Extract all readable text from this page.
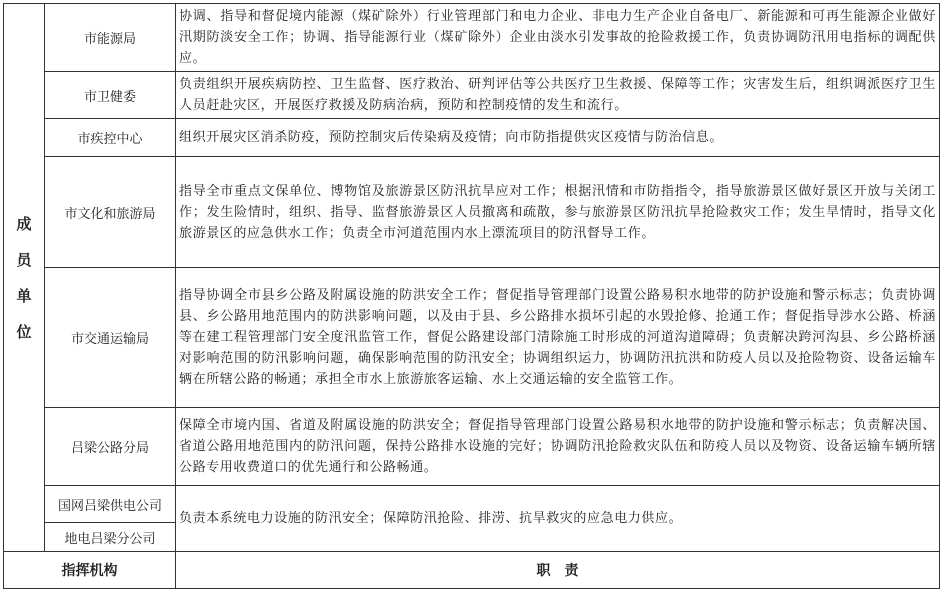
成员单位	市能源局	协调、指导和督促境内能源（煤矿除外）行业管理部门和电力企业、非电力生产企业自备电厂、新能源和可再生能源企业做好汛期防淡安全工作；协调、指导能源行业（煤矿除外）企业由淡水引发事故的抢险救援工作，负责协调防汛用电指标的调配供应。
	市卫健委	负责组织开展疾病防控、卫生监督、医疗救治、研判评估等公共医疗卫生救援、保障等工作；灾害发生后，组织调派医疗卫生人员赶赴灾区，开展医疗救援及防病治病，预防和控制疫情的发生和流行。
	市疾控中心	组织开展灾区消杀防疫，预防控制灾后传染病及疫情；向市防指提供灾区疫情与防治信息。
	市文化和旅游局	指导全市重点文保单位、博物馆及旅游景区防汛抗旱应对工作；根据汛情和市防指指令，指导旅游景区做好景区开放与关闭工作；发生险情时，组织、指导、监督旅游景区人员撤离和疏散，参与旅游景区防汛抗旱抢险救灾工作；发生旱情时，指导文化旅游景区的应急供水工作；负责全市河道范围内水上漂流项目的防汛督导工作。
	市交通运输局	指导协调全市县乡公路及附属设施的防洪安全工作；督促指导管理部门设置公路易积水地带的防护设施和警示标志；负责协调县、乡公路用地范围内的防洪影响问题，以及由于县、乡公路排水损坏引起的水毁抢修、抢通工作；督促指导涉水公路、桥涵等在建工程管理部门安全度汛监管工作，督促公路建设部门清除施工时形成的河道沟道障碍；负责解决跨河沟县、乡公路桥涵对影响范围的防汛影响问题，确保影响范围的防汛安全；协调组织运力，协调防汛抗洪和防疫人员以及抢险物资、设备运输车辆在所辖公路的畅通；承担全市水上旅游旅客运输、水上交通运输的安全监管工作。
	吕梁公路分局	保障全市境内国、省道及附属设施的防洪安全；督促指导管理部门设置公路易积水地带的防护设施和警示标志；负责解决国、省道公路用地范围内的防汛问题，保持公路排水设施的完好；协调防汛抢险救灾队伍和防疫人员以及物资、设备运输车辆所辖公路专用收费道口的优先通行和公路畅通。
	国网吕梁供电公司	负责本系统电力设施的防汛安全；保障防汛抢险、排涝、抗旱救灾的应急电力供应。
	地电吕梁分公司	
指挥机构		职　责
